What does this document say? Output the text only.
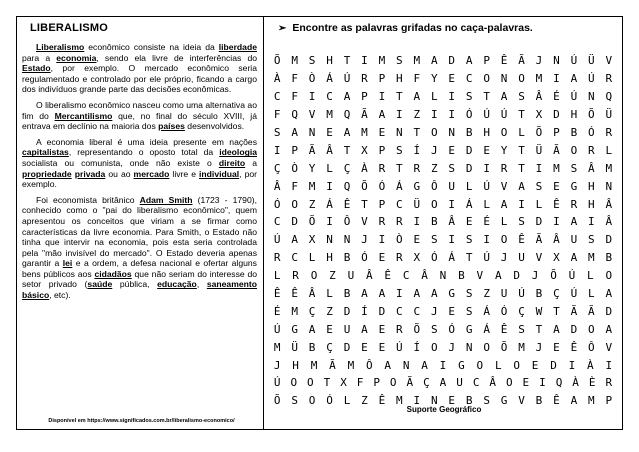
LIBERALISMO
Liberalismo econômico consiste na ideia da liberdade para a economia, sendo ela livre de interferências do Estado, por exemplo. O mercado econômico seria regulamentado e controlado por ele próprio, ficando a cargo dos indivíduos grande parte das decisões econômicas.
O liberalismo econômico nasceu como uma alternativa ao fim do Mercantilismo que, no final do século XVIII, já entrava em declínio na maioria dos países desenvolvidos.
A economia liberal é uma ideia presente em nações capitalistas, representando o oposto total da ideologia socialista ou comunista, onde não existe o direito a propriedade privada ou ao mercado livre e individual, por exemplo.
Foi economista britânico Adam Smith (1723 - 1790), conhecido como o "pai do liberalismo econômico", quem apresentou os conceitos que viriam a se firmar como características da livre economia. Para Smith, o Estado não tinha que intervir na economia, pois esta seria controlada pela "mão invisível do mercado". O Estado deveria apenas garantir a lei e a ordem, a defesa nacional e ofertar alguns bens públicos aos cidadãos que não seriam do interesse do setor privado (saúde pública, educação, saneamento básico, etc).
Disponível em https://www.significados.com.br/liberalismo-economico/
➢ Encontre as palavras grifadas no caça-palavras.
Õ M S H T I M S M A D A P Ê Ã J N Ú Ü V
À F Ò Á Ú R P H F Y E C O N O M I A Ú R
C F I C A P I T A L I S T A S Â É Ú N Q
F Q V M Q Ã A I Z I I Ó Ú Ú T X D H Õ Ü
S A N E A M E N T O N B H O L Õ P B Ó R
I P Ã Â T X P S Í J E D E Y T Ü Ã O R L
Ç Ò Y L Ç À R T R Z S D I R T I M S Â M
Â F M I Q Õ Ó Á G Ô U L Ú V A S E G H N
Ó O Z Á Ê T P C Ü O I Á L A I L Ê R H Â
C D Õ I Ô V R R I B Â E É L S D I A I Â
Ú A X N N J I Ò E S I S I O Ê Ã Â U S D
R C L H B Ó E R X Ó Á T Ú J U V X A M B
L	R	O	Z	U	Â	Ê	C	Â	N	B	V	A	D	J	Õ	Ú	L	O
Ê Ê Â L B A A I A A G S Z U Ú B Ç Ú L A
É M Ç Z D Í D C C J E S Á Ó Ç W T Ã Ã D
Ú G A E U A E R Õ S Ó G Á Ê S T A D O A
M Ü B Ç D E E Ú Í O J N O Õ M J E Ê Ô V
J	H	M	Ã	M	Ô	A	N	A	I	G	O	L	O	E	D	I	À	I
Ú O O T X F P O Ã Ç A U C Â O E I Q À È R
Õ S O Ó L Z Ê M I N E B S G V B Ê A M P
Suporte Geográfico
